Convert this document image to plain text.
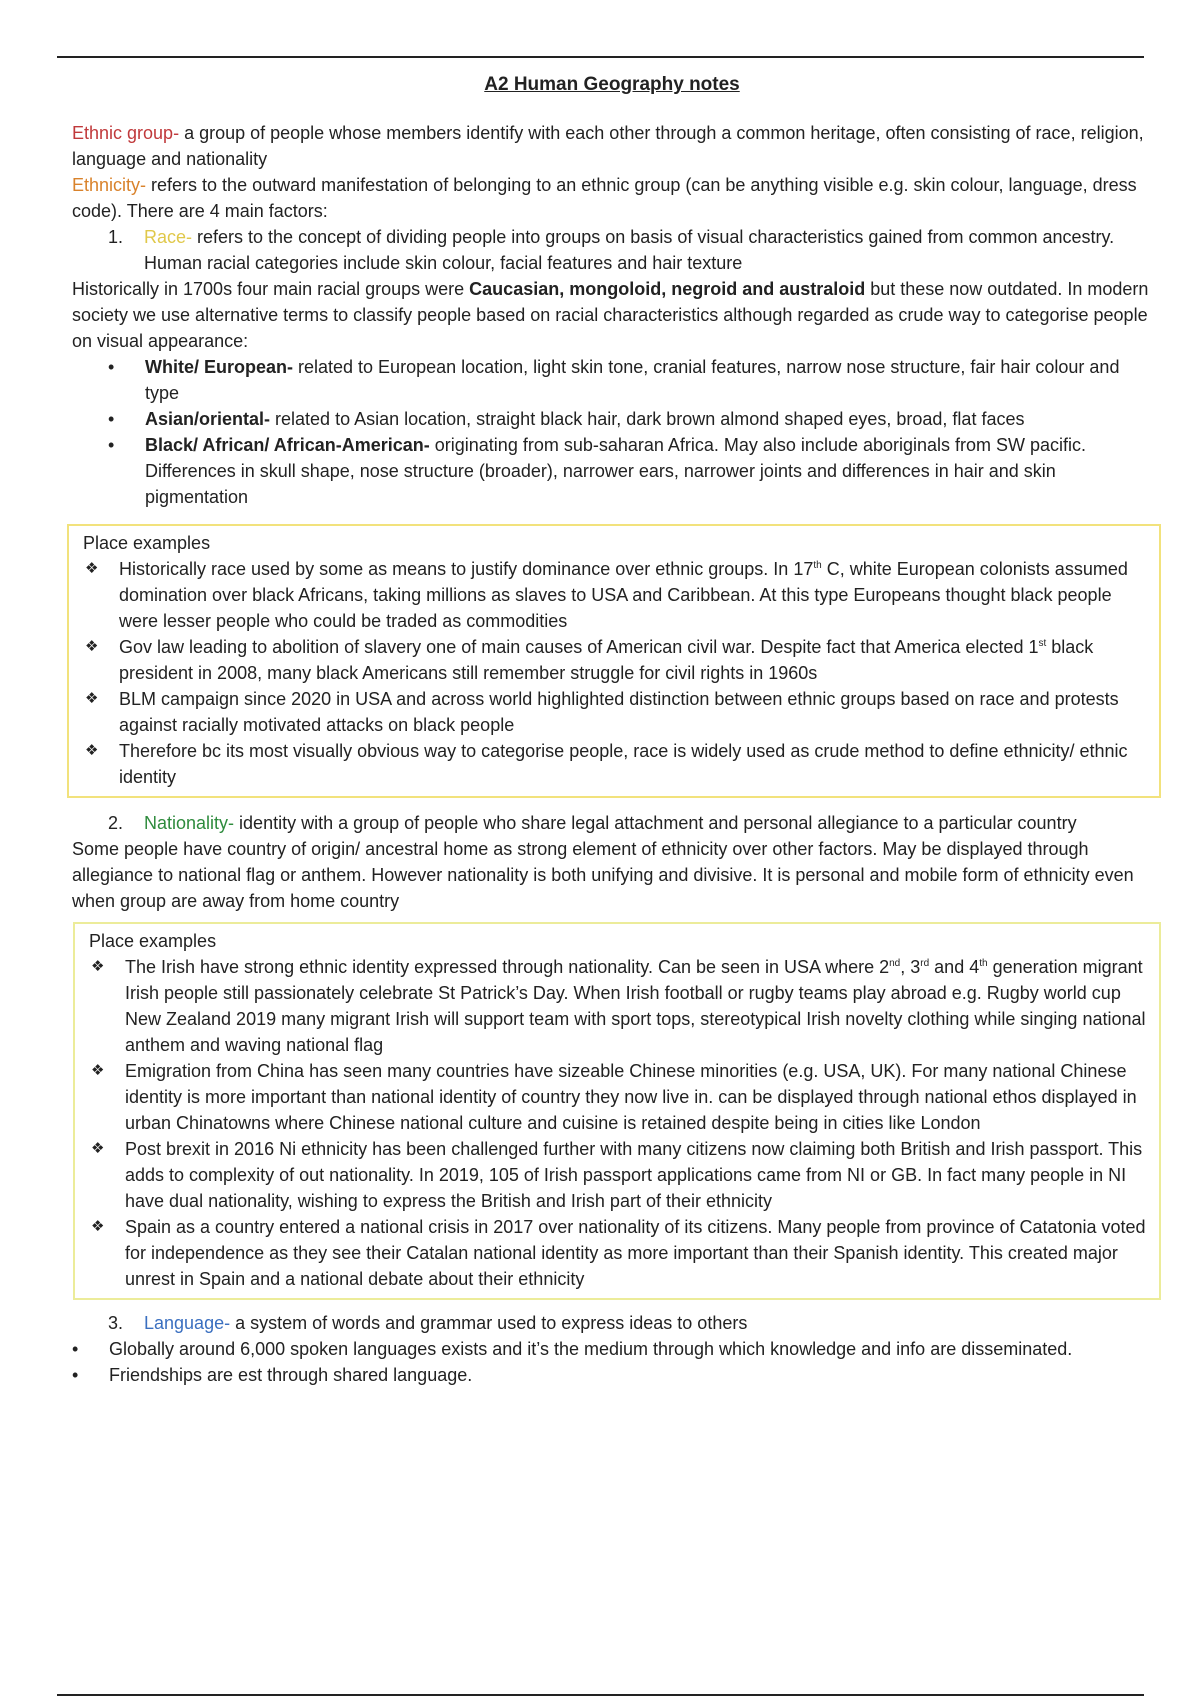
A2 Human Geography notes

Ethnic group- a group of people whose members identify with each other through a common heritage, often consisting of race, religion, language and nationality

Ethnicity- refers to the outward manifestation of belonging to an ethnic group (can be anything visible e.g. skin colour, language, dress code). There are 4 main factors:

1.	Race- refers to the concept of dividing people into groups on basis of visual characteristics gained from common ancestry. Human racial categories include skin colour, facial features and hair texture

Historically in 1700s four main racial groups were Caucasian, mongoloid, negroid and australoid but these now outdated. In modern society we use alternative terms to classify people based on racial characteristics although regarded as crude way to categorise people on visual appearance:

• White/ European- related to European location, light skin tone, cranial features, narrow nose structure, fair hair colour and type
• Asian/oriental- related to Asian location, straight black hair, dark brown almond shaped eyes, broad, flat faces
• Black/ African/ African-American- originating from sub-saharan Africa. May also include aboriginals from SW pacific. Differences in skull shape, nose structure (broader), narrower ears, narrower joints and differences in hair and skin pigmentation

Place examples

❖ Historically race used by some as means to justify dominance over ethnic groups. In 17th C, white European colonists assumed domination over black Africans, taking millions as slaves to USA and Caribbean. At this type Europeans thought black people were lesser people who could be traded as commodities
❖ Gov law leading to abolition of slavery one of main causes of American civil war. Despite fact that America elected 1st black president in 2008, many black Americans still remember struggle for civil rights in 1960s
❖ BLM campaign since 2020 in USA and across world highlighted distinction between ethnic groups based on race and protests against racially motivated attacks on black people
❖ Therefore bc its most visually obvious way to categorise people, race is widely used as crude method to define ethnicity/ ethnic identity
2.	Nationality- identity with a group of people who share legal attachment and personal allegiance to a particular country

Some people have country of origin/ ancestral home as strong element of ethnicity over other factors. May be displayed through allegiance to national flag or anthem. However nationality is both unifying and divisive. It is personal and mobile form of ethnicity even when group are away from home country

Place examples

❖ The Irish have strong ethnic identity expressed through nationality. Can be seen in USA where 2nd, 3rd and 4th generation migrant Irish people still passionately celebrate St Patrick’s Day. When Irish football or rugby teams play abroad e.g. Rugby world cup New Zealand 2019 many migrant Irish will support team with sport tops, stereotypical Irish novelty clothing while singing national anthem and waving national flag
❖ Emigration from China has seen many countries have sizeable Chinese minorities (e.g. USA, UK). For many national Chinese identity is more important than national identity of country they now live in. can be displayed through national ethos displayed in urban Chinatowns where Chinese national culture and cuisine is retained despite being in cities like London
❖ Post brexit in 2016 Ni ethnicity has been challenged further with many citizens now claiming both British and Irish passport. This adds to complexity of out nationality. In 2019, 105 of Irish passport applications came from NI or GB. In fact many people in NI have dual nationality, wishing to express the British and Irish part of their ethnicity
❖ Spain as a country entered a national crisis in 2017 over nationality of its citizens. Many people from province of Catatonia voted for independence as they see their Catalan national identity as more important than their Spanish identity. This created major unrest in Spain and a national debate about their ethnicity
3.	Language- a system of words and grammar used to express ideas to others
• Globally around 6,000 spoken languages exists and it’s the medium through which knowledge and info are disseminated.
• Friendships are est through shared language.
